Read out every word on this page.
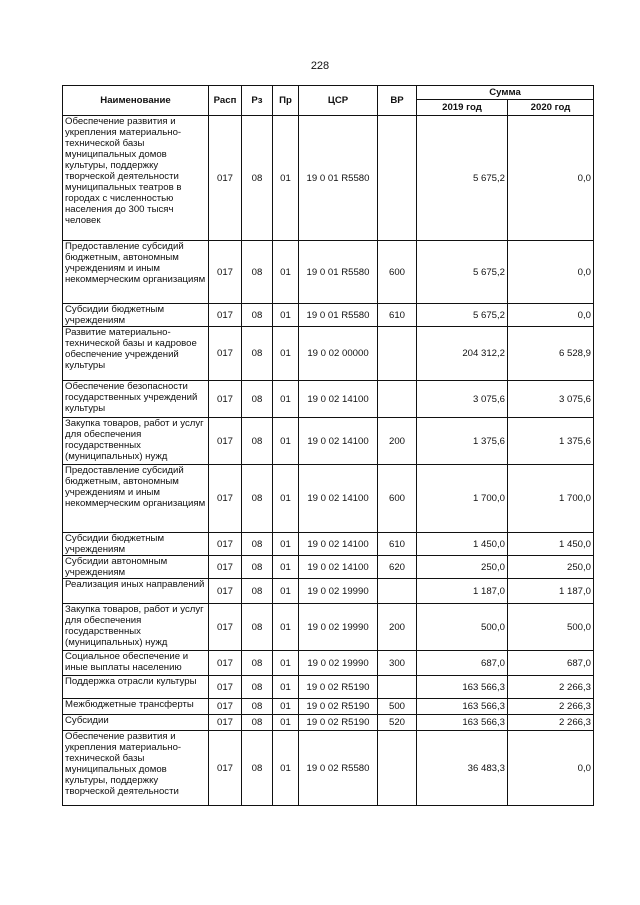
228
Наименование	Расп	Рз	Пр	ЦСР	ВР	Сумма	
						2019 год	2020 год
Обеспечение развития и укрепления материально-технической базы муниципальных домов культуры, поддержку творческой деятельности муниципальных театров в городах с численностью населения до 300 тысяч человек	017	08	01	19 0 01 R5580		5 675,2	0,0
Предоставление субсидий бюджетным, автономным учреждениям и иным некоммерческим организациям	017	08	01	19 0 01 R5580	600	5 675,2	0,0
Субсидии бюджетным учреждениям	017	08	01	19 0 01 R5580	610	5 675,2	0,0
Развитие материально-технической базы и кадровое обеспечение учреждений культуры	017	08	01	19 0 02 00000		204 312,2	6 528,9
Обеспечение безопасности государственных учреждений культуры	017	08	01	19 0 02 14100		3 075,6	3 075,6
Закупка товаров, работ и услуг для обеспечения государственных (муниципальных) нужд	017	08	01	19 0 02 14100	200	1 375,6	1 375,6
Предоставление субсидий бюджетным, автономным учреждениям и иным некоммерческим организациям	017	08	01	19 0 02 14100	600	1 700,0	1 700,0
Субсидии бюджетным учреждениям	017	08	01	19 0 02 14100	610	1 450,0	1 450,0
Субсидии автономным учреждениям	017	08	01	19 0 02 14100	620	250,0	250,0
Реализация иных направлений	017	08	01	19 0 02 19990		1 187,0	1 187,0
Закупка товаров, работ и услуг для обеспечения государственных (муниципальных) нужд	017	08	01	19 0 02 19990	200	500,0	500,0
Социальное обеспечение и иные выплаты населению	017	08	01	19 0 02 19990	300	687,0	687,0
Поддержка отрасли культуры	017	08	01	19 0 02 R5190		163 566,3	2 266,3
Межбюджетные трансферты	017	08	01	19 0 02 R5190	500	163 566,3	2 266,3
Субсидии	017	08	01	19 0 02 R5190	520	163 566,3	2 266,3
Обеспечение развития и укрепления материально-технической базы муниципальных домов культуры, поддержку творческой деятельности	017	08	01	19 0 02 R5580		36 483,3	0,0
